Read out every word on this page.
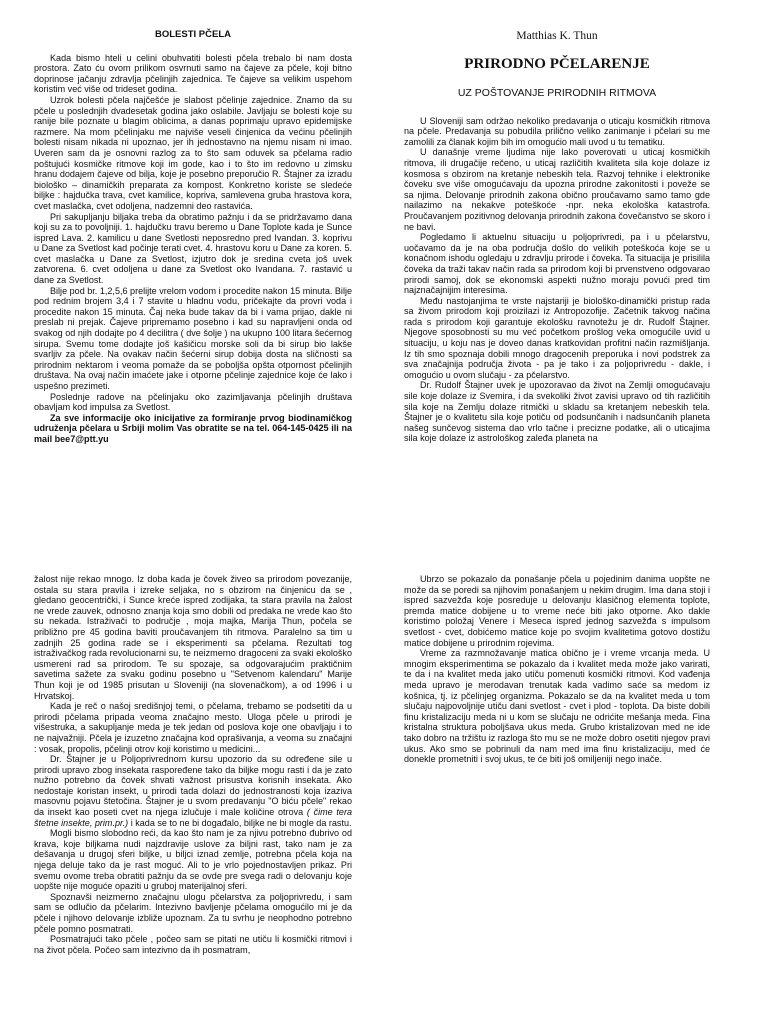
BOLESTI PČELA

Kada bismo hteli u celini obuhvatiti bolesti pčela trebalo bi nam dosta prostora. Zato ću ovom prilikom osvrnuti samo na čajeve za pčele, koji bitno doprinose jačanju zdravlja pčelinjih zajednica. Te čajeve sa velikim uspehom koristim već više od trideset godina.

Uzrok bolesti pčela najčešće je slabost pčelinje zajednice. Znamo da su pčele u poslednjih dvadesetak godina jako oslabile. Javljaju se bolesti koje su ranije bile poznate u blagim oblicima, a danas poprimaju upravo epidemijske razmere. Na mom pčelinjaku me najviše veseli činjenica da većinu pčelinjih bolesti nisam nikada ni upoznao, jer ih jednostavno na njemu nisam ni imao. Uveren sam da je osnovni razlog za to što sam oduvek sa pčelama radio poštujući kosmičke ritmove koji im gode, kao i to što im redovno u zimsku hranu dodajem čajeve od bilja, koje je posebno preporučio R. Štajner za izradu biološko – dinamičkih preparata za kompost. Konkretno koriste se sledeće biljke : hajdučka trava, cvet kamilice, kopriva, samlevena gruba hrastova kora, cvet maslačka, cvet odoljena, nadzemni deo rastavića.

Pri sakupljanju biljaka treba da obratimo pažnju i da se pridržavamo dana koji su za to povoljniji. 1. hajdučku travu beremo u Dane Toplote kada je Sunce ispred Lava. 2. kamilicu u dane Svetlosti neposredno pred Ivandan. 3. koprivu u Dane za Svetlost kad počinje terati cvet. 4. hrastovu koru u Dane za koren. 5. cvet maslačka u Dane za Svetlost, izjutro dok je sredina cveta još uvek zatvorena. 6. cvet odoljena u dane za Svetlost oko Ivandana. 7. rastavić u dane za Svetlost.

Bilje pod br. 1,2,5,6 prelijte vrelom vodom i procedite nakon 15 minuta. Bilje pod rednim brojem 3,4 i 7 stavite u hladnu vodu, pričekajte da provri voda i procedite nakon 15 minuta. Čaj neka bude takav da bi i vama prijao, dakle ni preslab ni prejak. Čajeve pripremamo posebno i kad su napravljeni onda od svakog od njih dodajte po 4 decilitra ( dve šolje ) na ukupno 100 litara šećernog sirupa. Svemu tome dodajte još kašičicu morske soli da bi sirup bio lakše svarljiv za pčele. Na ovakav način šećerni sirup dobija dosta na sličnosti sa prirodnim nektarom i veoma pomaže da se poboljša opšta otpornost pčelinjih društava. Na ovaj način imaćete jake i otporne pčelinje zajednice koje će lako i uspešno prezimeti.

Poslednje radove na pčelinjaku oko zazimljavanja pčelinjih društava obavljam kod impulsa za Svetlost.

Za sve informacije oko inicijative za formiranje prvog biodinamičkog udruženja pčelara u Srbiji molim Vas obratite se na tel. 064-145-0425 ili na mail bee7@ptt.yu

Matthias K. Thun

PRIRODNO PČELARENJE

UZ POŠTOVANJE PRIRODNIH RITMOVA

U Sloveniji sam održao nekoliko predavanja o uticaju kosmičkih ritmova na pčele. Predavanja su pobudila prilično veliko zanimanje i pčelari su me zamolili za članak kojim bih im omogućio mali uvod u tu tematiku.

U današnje vreme ljudima nije lako poverovati u uticaj kosmičkih ritmova, ili drugačije rečeno, u uticaj različitih kvaliteta sila koje dolaze iz kosmosa s obzirom na kretanje nebeskih tela. Razvoj tehnike i elektronike čoveku sve više omogućavaju da upozna prirodne zakonitosti i poveže se sa njima. Delovanje prirodnih zakona obično proučavamo samo tamo gde nailazimo na nekakve poteškoće -npr. neka ekološka katastrofa. Proučavanjem pozitivnog delovanja prirodnih zakona čovečanstvo se skoro i ne bavi.

Pogledamo li aktuelnu situaciju u poljoprivredi, pa i u pčelarstvu, uočavamo da je na oba područja došlo do velikih poteškoća koje se u konačnom ishodu ogledaju u zdravlju prirode i čoveka. Ta situacija je prisilila čoveka da traži takav način rada sa prirodom koji bi prvenstveno odgovarao prirodi samoj, dok se ekonomski aspekti nužno moraju povući pred tim najznačajnijim interesima.

Među nastojanjima te vrste najstariji je biološko-dinamički pristup rada sa živom prirodom koji proizilazi iz Antropozofije. Začetnik takvog načina rada s prirodom koji garantuje ekološku ravnotežu je dr. Rudolf Štajner. Njegove sposobnosti su mu već početkom prošlog veka omogućile uvid u situaciju, u koju nas je doveo danas kratkovidan profitni način razmišljanja. Iz tih smo spoznaja dobili mnogo dragocenih preporuka i novi podstrek za sva značajnija područja života - pa je tako i za poljoprivredu - dakle, i omogućio u ovom slučaju - za pčelarstvo.

Dr. Rudolf Štajner uvek je upozoravao da život na Zemlji omogućavaju sile koje dolaze iz Svemira, i da svekoliki život zavisi upravo od tih različitih sila koje na Zemlju dolaze ritmički u skladu sa kretanjem nebeskih tela. Štajner je o kvalitetu sila koje potiču od podsunčanih i nadsunčanih planeta našeg sunčevog sistema dao vrlo tačne i precizne podatke, ali o uticajima sila koje dolaze iz astrološkog zaleđa planeta na

žalost nije rekao mnogo. Iz doba kada je čovek živeo sa prirodom povezanije, ostala su stara pravila i izreke seljaka, no s obzirom na činjenicu da se , gledano geocentrički, i Sunce kreće ispred zodijaka, ta stara pravila na žalost ne vrede zauvek, odnosno znanja koja smo dobili od predaka ne vrede kao što su nekada. Istraživači to područje , moja majka, Marija Thun, počela se približno pre 45 godina baviti proučavanjem tih ritmova. Paralelno sa tim u zadnjih 25 godina rade se i eksperimenti sa pčelama. Rezultati tog istraživačkog rada revolucionarni su, te neizmerno dragoceni za svaki ekološko usmereni rad sa prirodom. Te su spozaje, sa odgovarajućim praktičnim savetima sažete za svaku godinu posebno u "Setvenom kalendaru" Marije Thun koji je od 1985 prisutan u Sloveniji (na slovenačkom), a od 1996 i u Hrvatskoj.

Kada je reč o našoj središnjoj temi, o pčelama, trebamo se podsetiti da u prirodi pčelama pripada veoma značajno mesto. Uloga pčele u prirodi je višestruka, a sakupljanje meda je tek jedan od poslova koje one obavljaju i to ne najvažniji. Pčela je izuzetno značajna kod oprašivanja, a veoma su značajni : vosak, propolis, pčelinji otrov koji koristimo u medicini...

Dr. Štajner je u Poljoprivrednom kursu upozorio da su određene sile u prirodi upravo zbog insekata raspoređene tako da biljke mogu rasti i da je zato nužno potrebno da čovek shvati važnost prisustva korisnih insekata. Ako nedostaje koristan insekt, u prirodi tada dolazi do jednostranosti koja izaziva masovnu pojavu štetočina. Štajner je u svom predavanju "O biću pčele" rekao da insekt kao poseti cvet na njega izlučuje i male količine otrova ( čime tera štetne insekte, prim.pr.) i kada se to ne bi događalo, biljke ne bi mogle da rastu.

Mogli bismo slobodno reći, da kao što nam je za njivu potrebno đubrivo od krava, koje biljkama nudi najzdravije uslove za biljni rast, tako nam je za dešavanja u drugoj sferi biljke, u biljci iznad zemlje, potrebna pčela koja na njega deluje tako da je rast moguć. Ali to je vrlo pojednostavljen prikaz. Pri svemu ovome treba obratiti pažnju da se ovde pre svega radi o delovanju koje uopšte nije moguće opaziti u gruboj materijalnoj sferi.

Spoznavši neizmerno značajnu ulogu pčelarstva za poljoprivredu, i sam sam se odlučio da pčelarim. Intezivno bavljenje pčelama omogućilo mi je da pčele i njihovo delovanje izbliže upoznam. Za tu svrhu je neophodno potrebno pčele pomno posmatrati.

Posmatrajući tako pčele , počeo sam se pitati ne utiču li kosmički ritmovi i na život pčela. Počeo sam intezivno da ih posmatram,

Ubrzo se pokazalo da ponašanje pčela u pojedinim danima uopšte ne može da se poredi sa njihovim ponašanjem u nekim drugim. Ima dana stoji i ispred sazvežđa koje posreduje u delovanju klasičnog elementa toplote, premda matice dobijene u to vreme neće biti jako otporne. Ako dakle koristimo položaj Venere i Meseca ispred jednog sazvežđa s impulsom svetlost - cvet, dobićemo matice koje po svojim kvalitetima gotovo dostižu matice dobijene u prirodnim rojevima.

Vreme za razmnožavanje matica obično je i vreme vrcanja meda. U mnogim eksperimentima se pokazalo da i kvalitet meda može jako varirati, te da i na kvalitet meda jako utiču pomenuti kosmički ritmovi. Kod vađenja meda upravo je merodavan trenutak kada vadimo saće sa medom iz košnica, tj. iz pčelinjeg organizma. Pokazalo se da na kvalitet meda u tom slučaju najpovoljnije utiču dani svetlost - cvet i plod - toplota. Da biste dobili finu kristalizaciju meda ni u kom se slučaju ne odrićite mešanja meda. Fina kristalna struktura poboljšava ukus meda. Grubo kristalizovan med ne ide tako dobro na tržištu iz razloga što mu se ne može dobro osetiti njegov pravi ukus. Ako smo se pobrinuli da nam med ima finu kristalizaciju, med će donekle prometniti i svoj ukus, te će biti još omiljeniji nego inače.
